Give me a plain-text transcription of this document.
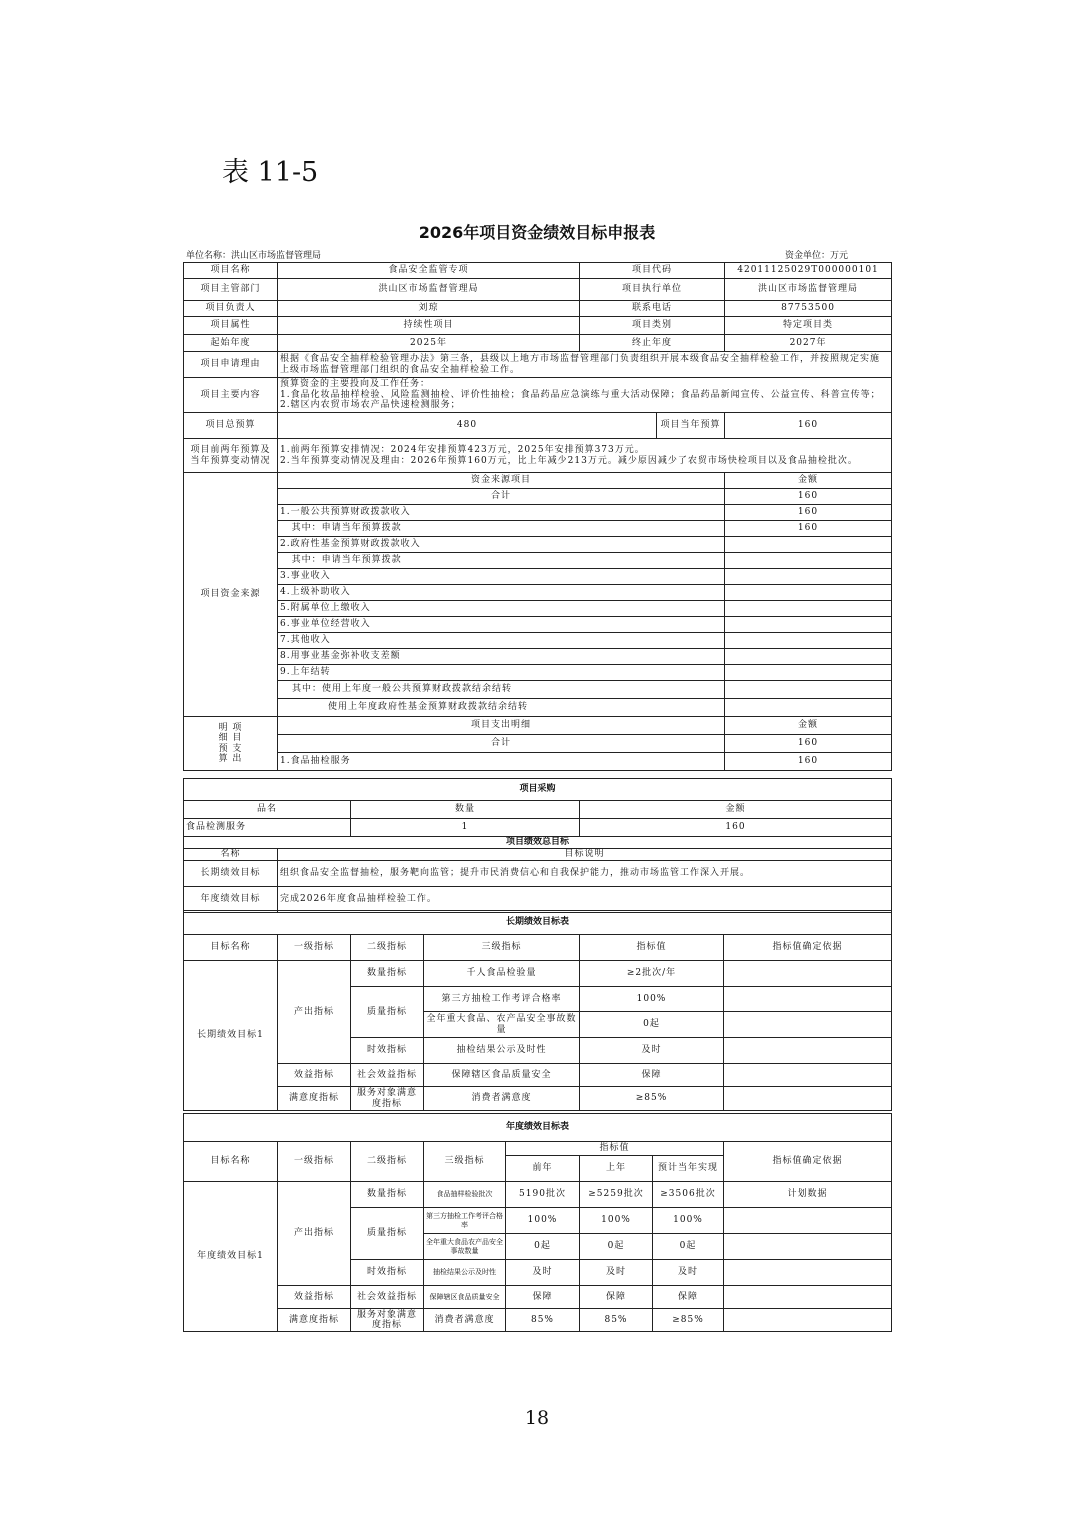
表 11-5
2026年项目资金绩效目标申报表
单位名称：洪山区市场监督管理局	资金单位：万元
项目名称	食品安全监管专项	项目代码		42011125029T000000101
项目主管部门	洪山区市场监督管理局	项目执行单位		洪山区市场监督管理局
项目负责人	刘琼	联系电话		87753500
项目属性	持续性项目	项目类别		特定项目类
起始年度	2025年	终止年度		2027年
项目申请理由	根据《食品安全抽样检验管理办法》第三条，县级以上地方市场监督管理部门负责组织开展本级食品安全抽样检验工作，并按照规定实施上级市场监督管理部门组织的食品安全抽样检验工作。			
项目主要内容	预算资金的主要投向及工作任务：
1.食品化妆品抽样检验、风险监测抽检、评价性抽检；食品药品应急演练与重大活动保障；食品药品新闻宣传、公益宣传、科普宣传等； 2.辖区内农贸市场农产品快速检测服务；			

项目总预算	480		项目当年预算	160
项目前两年预算及当年预算变动情况	1.前两年预算安排情况：2024年安排预算423万元，2025年安排预算373万元。
2.当年预算变动情况及理由：2026年预算160万元，比上年减少213万元。减少原因减少了农贸市场快检项目以及食品抽检批次。			

项目资金来源	资金来源项目			金额
	合计			160
	1.一般公共预算财政拨款收入			160
	其中：申请当年预算拨款			160
	2.政府性基金预算财政拨款收入			
	其中：申请当年预算拨款			
	3.事业收入			
	4.上级补助收入			
	5.附属单位上缴收入			
	6.事业单位经营收入			
	7.其他收入			
	8.用事业基金弥补收支差额			
	9.上年结转			
	其中：使用上年度一般公共预算财政拨款结余结转			
	使用上年度政府性基金预算财政拨款结余结转			

明 项
细 目
预 支
算 出	项目支出明细			金额
	合计			160
	1.食品抽检服务			160
项目采购			
品名		数量	金额
食品检测服务		1	160
项目绩效总目标			
名称	目标说明		
长期绩效目标	组织食品安全监督抽检，服务靶向监管；提升市民消费信心和自我保护能力，推动市场监管工作深入开展。		
年度绩效目标	完成2026年度食品抽样检验工作。		
长期绩效目标表					
目标名称	一级指标	二级指标	三级指标	指标值	指标值确定依据
长期绩效目标1	产出指标	数量指标	千人食品检验量	≥2批次/年	
		质量指标	第三方抽检工作考评合格率	100%	
			全年重大食品、农产品安全事故数量	0起	
		时效指标	抽检结果公示及时性	及时	
	效益指标	社会效益指标	保障辖区食品质量安全	保障	
	满意度指标	服务对象满意度指标	消费者满意度	≥85%	
年度绩效目标表							
目标名称	一级指标	二级指标	三级指标	指标值			指标值确定依据
				前年	上年	预计当年实现	
年度绩效目标1	产出指标	数量指标	食品抽样检验批次	5190批次	≥5259批次	≥3506批次	计划数据
		质量指标	第三方抽检工作考评合格率	100%	100%	100%	
			全年重大食品农产品安全事故数量	0起	0起	0起	
		时效指标	抽检结果公示及时性	及时	及时	及时	
	效益指标	社会效益指标	保障辖区食品质量安全	保障	保障	保障	
	满意度指标	服务对象满意度指标	消费者满意度	85%	85%	≥85%	
18
